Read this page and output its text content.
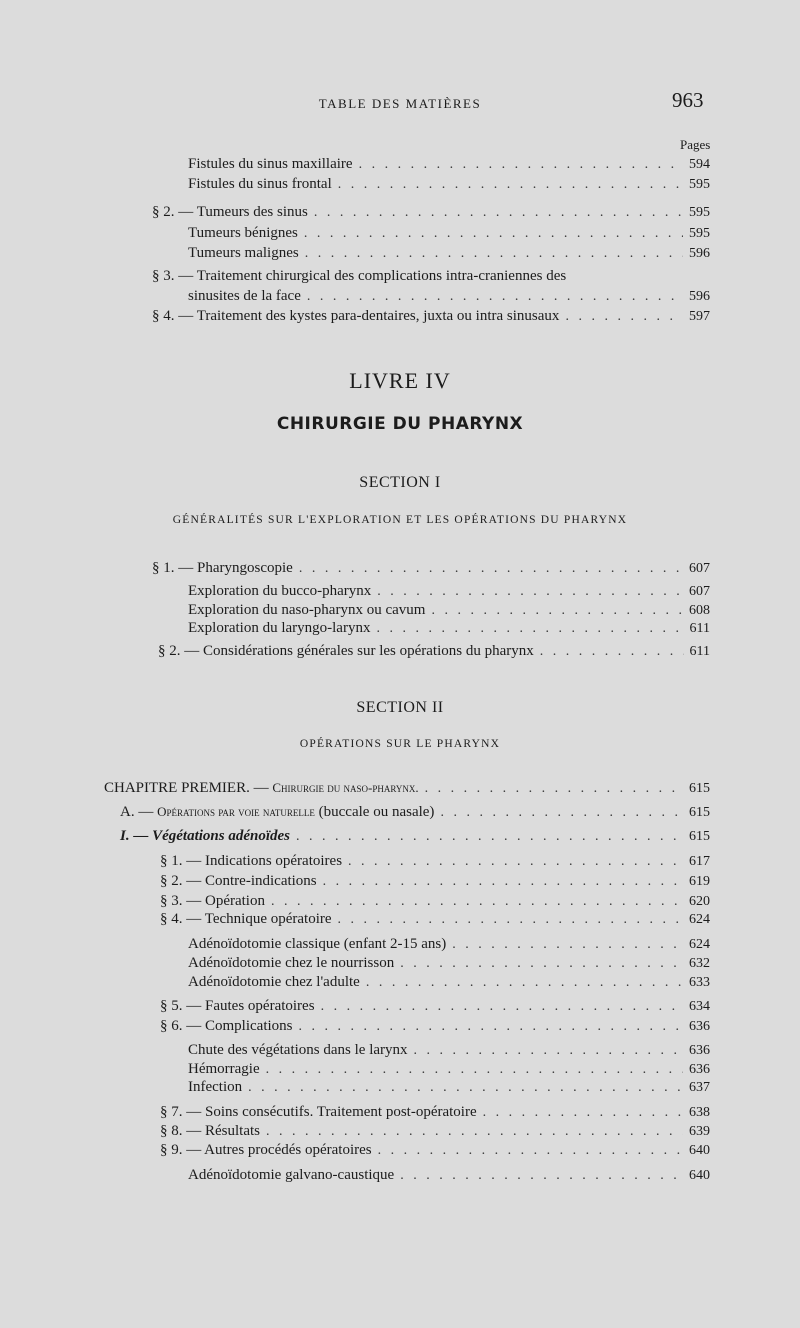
TABLE DES MATIÈRES	963
Pages
Fistules du sinus maxillaire . . .	594
Fistules du sinus frontal . . .	595
§ 2. — Tumeurs des sinus . . .	595
Tumeurs bénignes . . .	595
Tumeurs malignes . . .	596
§ 3. — Traitement chirurgical des complications intra-craniennes des
sinusites de la face . . .	596
§ 4. — Traitement des kystes para-dentaires, juxta ou intra sinusaux . . .	597
LIVRE IV
CHIRURGIE DU PHARYNX
SECTION I
GÉNÉRALITÉS SUR L'EXPLORATION ET LES OPÉRATIONS DU PHARYNX
§ 1. — Pharyngoscopie . . .	607
Exploration du bucco-pharynx . . .	607
Exploration du naso-pharynx ou cavum . . .	608
Exploration du laryngo-larynx . . .	611
§ 2. — Considérations générales sur les opérations du pharynx . . .	611
SECTION II
OPÉRATIONS SUR LE PHARYNX
CHAPITRE PREMIER. — Chirurgie du naso-pharynx. . . .	615
A. — Opérations par voie naturelle (buccale ou nasale) . . .	615
I. — Végétations adénoïdes . . .	615
§ 1. — Indications opératoires . . .	617
§ 2. — Contre-indications . . .	619
§ 3. — Opération . . .	620
§ 4. — Technique opératoire . . .	624
Adénoïdotomie classique (enfant 2-15 ans) . . .	624
Adénoïdotomie chez le nourrisson . . .	632
Adénoïdotomie chez l'adulte . . .	633
§ 5. — Fautes opératoires . . .	634
§ 6. — Complications . . .	636
Chute des végétations dans le larynx . . .	636
Hémorragie . . .	636
Infection . . .	637
§ 7. — Soins consécutifs. Traitement post-opératoire . . .	638
§ 8. — Résultats . . .	639
§ 9. — Autres procédés opératoires . . .	640
Adénoïdotomie galvano-caustique . . .	640
